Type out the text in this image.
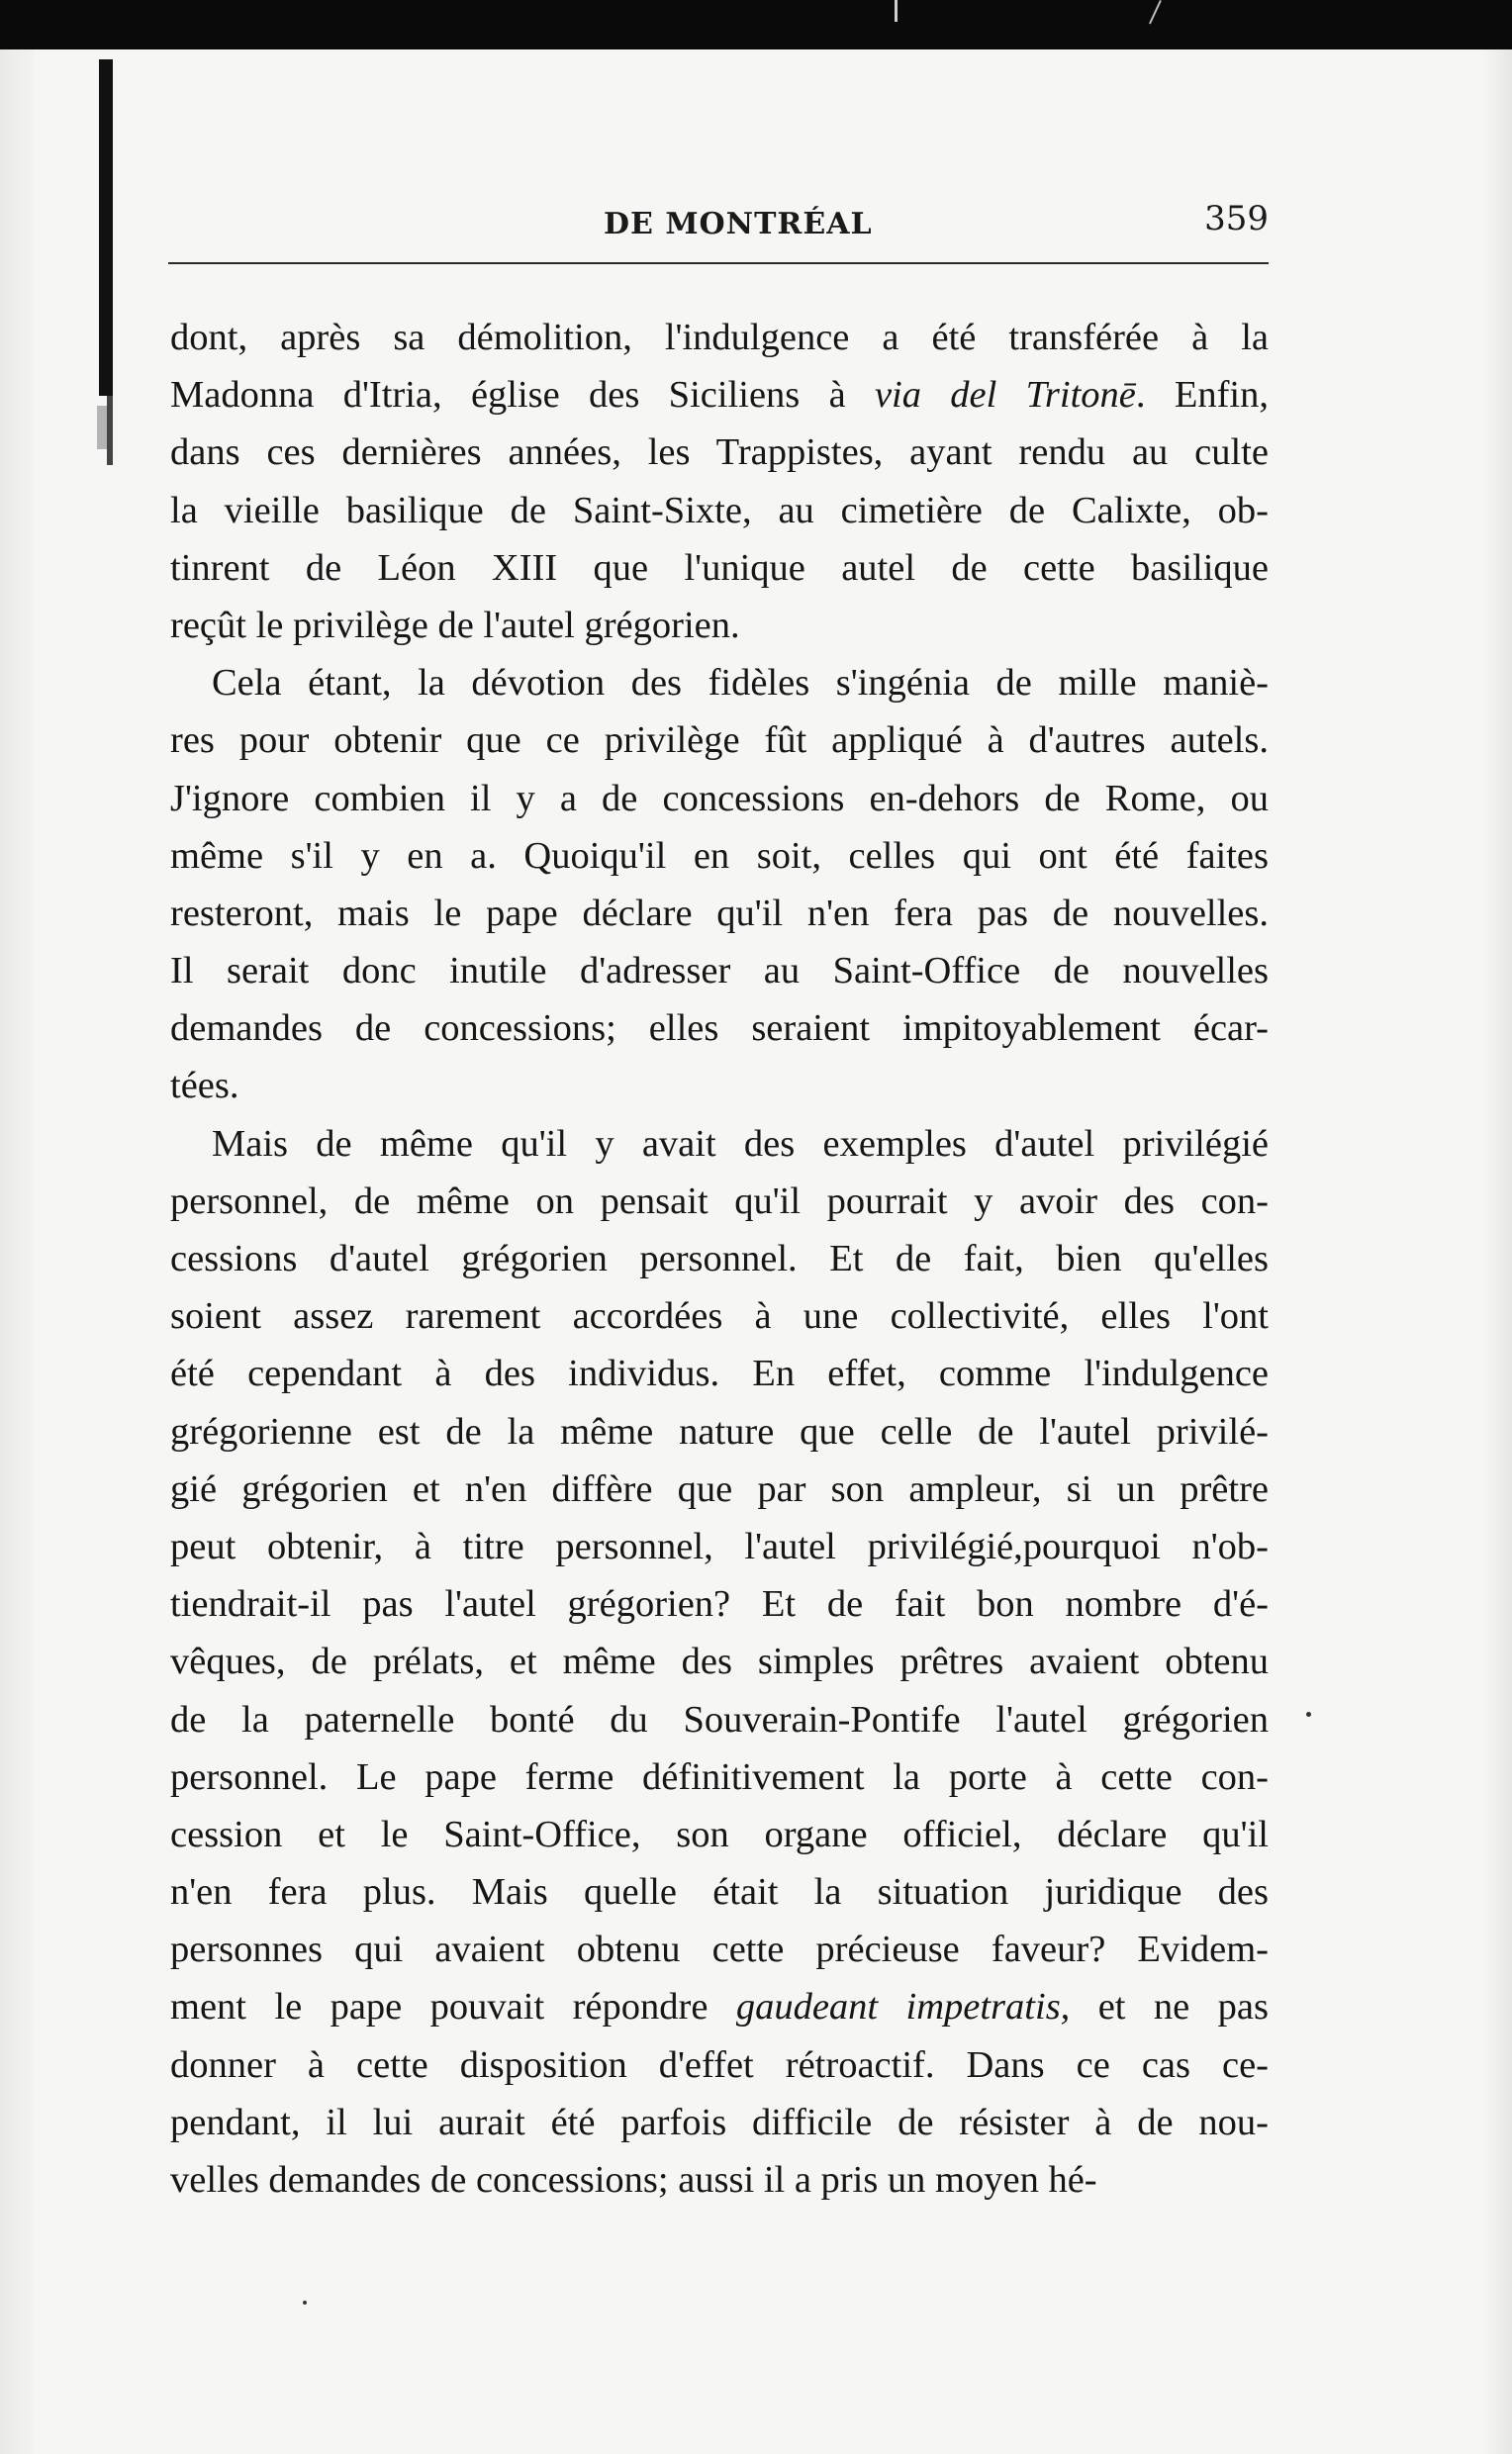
DE MONTRÉAL	359
dont, après sa démolition, l'indulgence a été transférée à la
Madonna d'Itria, église des Siciliens à via del Tritonē. Enfin,
dans ces dernières années, les Trappistes, ayant rendu au culte
la vieille basilique de Saint-Sixte, au cimetière de Calixte, ob-
tinrent de Léon XIII que l'unique autel de cette basilique
reçût le privilège de l'autel grégorien.
Cela étant, la dévotion des fidèles s'ingénia de mille maniè-
res pour obtenir que ce privilège fût appliqué à d'autres autels.
J'ignore combien il y a de concessions en-dehors de Rome, ou
même s'il y en a. Quoiqu'il en soit, celles qui ont été faites
resteront, mais le pape déclare qu'il n'en fera pas de nouvelles.
Il serait donc inutile d'adresser au Saint-Office de nouvelles
demandes de concessions; elles seraient impitoyablement écar-
tées.
Mais de même qu'il y avait des exemples d'autel privilégié
personnel, de même on pensait qu'il pourrait y avoir des con-
cessions d'autel grégorien personnel. Et de fait, bien qu'elles
soient assez rarement accordées à une collectivité, elles l'ont
été cependant à des individus. En effet, comme l'indulgence
grégorienne est de la même nature que celle de l'autel privilé-
gié grégorien et n'en diffère que par son ampleur, si un prêtre
peut obtenir, à titre personnel, l'autel privilégié,pourquoi n'ob-
tiendrait-il pas l'autel grégorien? Et de fait bon nombre d'é-
vêques, de prélats, et même des simples prêtres avaient obtenu
de la paternelle bonté du Souverain-Pontife l'autel grégorien
personnel. Le pape ferme définitivement la porte à cette con-
cession et le Saint-Office, son organe officiel, déclare qu'il
n'en fera plus. Mais quelle était la situation juridique des
personnes qui avaient obtenu cette précieuse faveur? Evidem-
ment le pape pouvait répondre gaudeant impetratis, et ne pas
donner à cette disposition d'effet rétroactif. Dans ce cas ce-
pendant, il lui aurait été parfois difficile de résister à de nou-
velles demandes de concessions; aussi il a pris un moyen hé-
